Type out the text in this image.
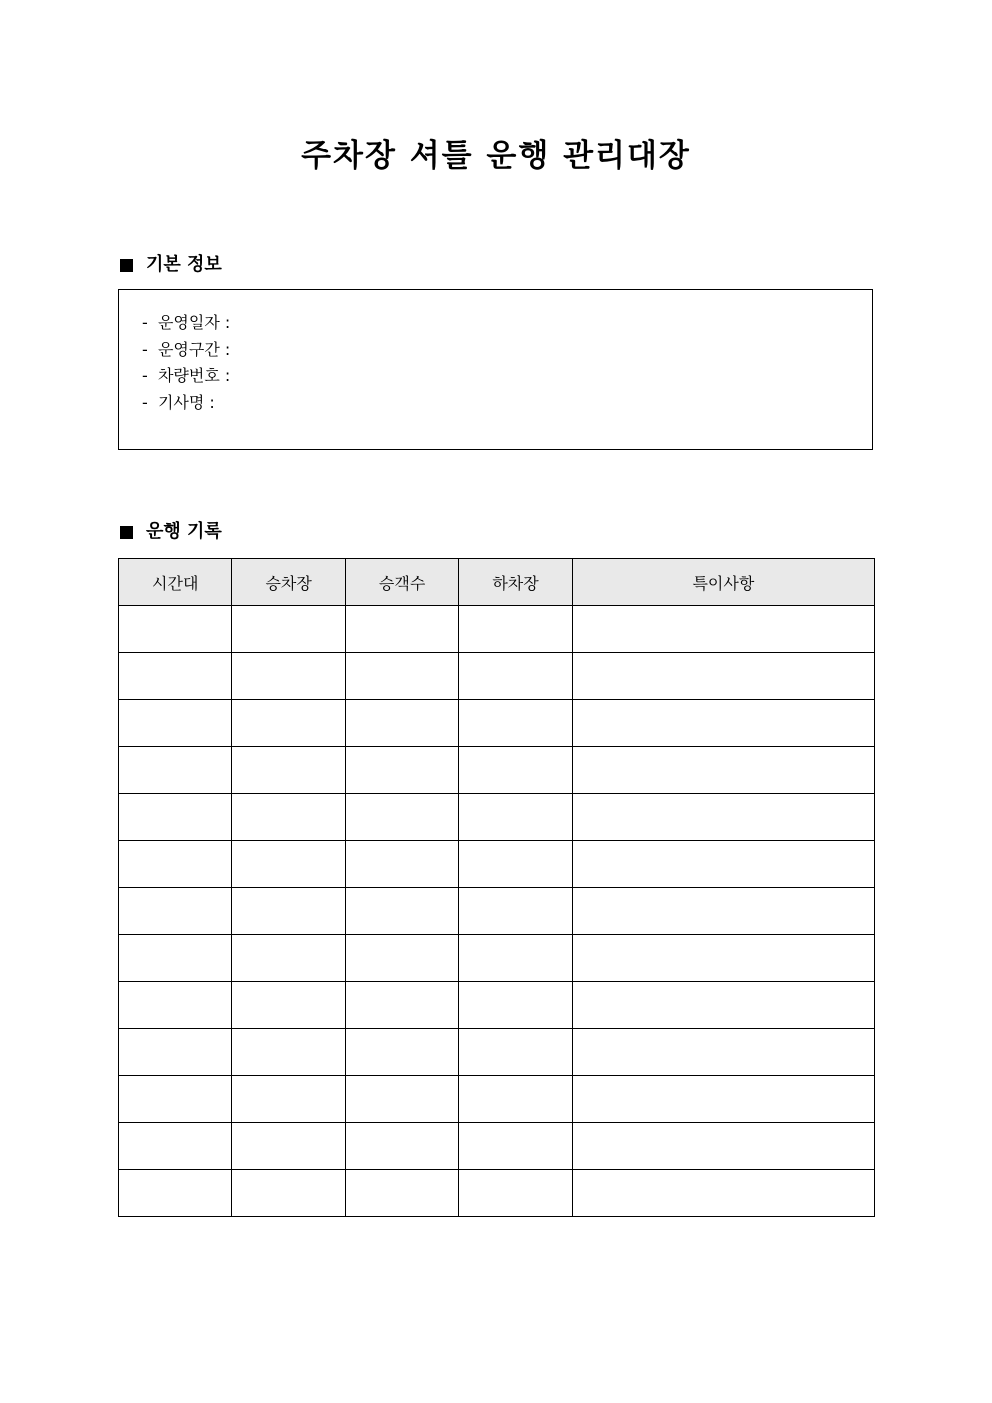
주차장 셔틀 운행 관리대장
기본 정보
-  운영일자 :
-  운영구간 :
-  차량번호 :
-  기사명 :
운행 기록
시간대	승차장	승객수	하차장	특이사항
